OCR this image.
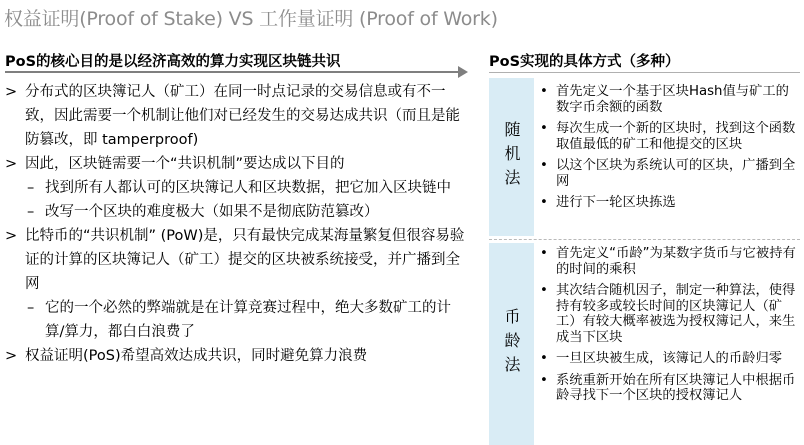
权益证明(Proof of Stake) VS 工作量证明 (Proof of Work)
PoS的核心目的是以经济高效的算力实现区块链共识
> 分布式的区块簿记人（矿工）在同一时点记录的交易信息或有不一致，因此需要一个机制让他们对已经发生的交易达成共识（而且是能防篡改，即 tamperproof)
> 因此，区块链需要一个“共识机制”要达成以下目的
– 找到所有人都认可的区块簿记人和区块数据，把它加入区块链中
– 改写一个区块的难度极大（如果不是彻底防范篡改）
> 比特币的“共识机制” (PoW)是，只有最快完成某海量繁复但很容易验证的计算的区块簿记人（矿工）提交的区块被系统接受，并广播到全网
– 它的一个必然的弊端就是在计算竞赛过程中，绝大多数矿工的计算/算力，都白白浪费了
> 权益证明(PoS)希望高效达成共识，同时避免算力浪费
PoS实现的具体方式（多种）
随机法
• 首先定义一个基于区块Hash值与矿工的数字币余额的函数
• 每次生成一个新的区块时，找到这个函数取值最低的矿工和他提交的区块
• 以这个区块为系统认可的区块，广播到全网
• 进行下一轮区块拣选
币龄法
• 首先定义“币龄”为某数字货币与它被持有的时间的乘积
• 其次结合随机因子，制定一种算法，使得持有较多或较长时间的区块簿记人（矿工）有较大概率被选为授权簿记人，来生成当下区块
• 一旦区块被生成，该簿记人的币龄归零
• 系统重新开始在所有区块簿记人中根据币龄寻找下一个区块的授权簿记人
